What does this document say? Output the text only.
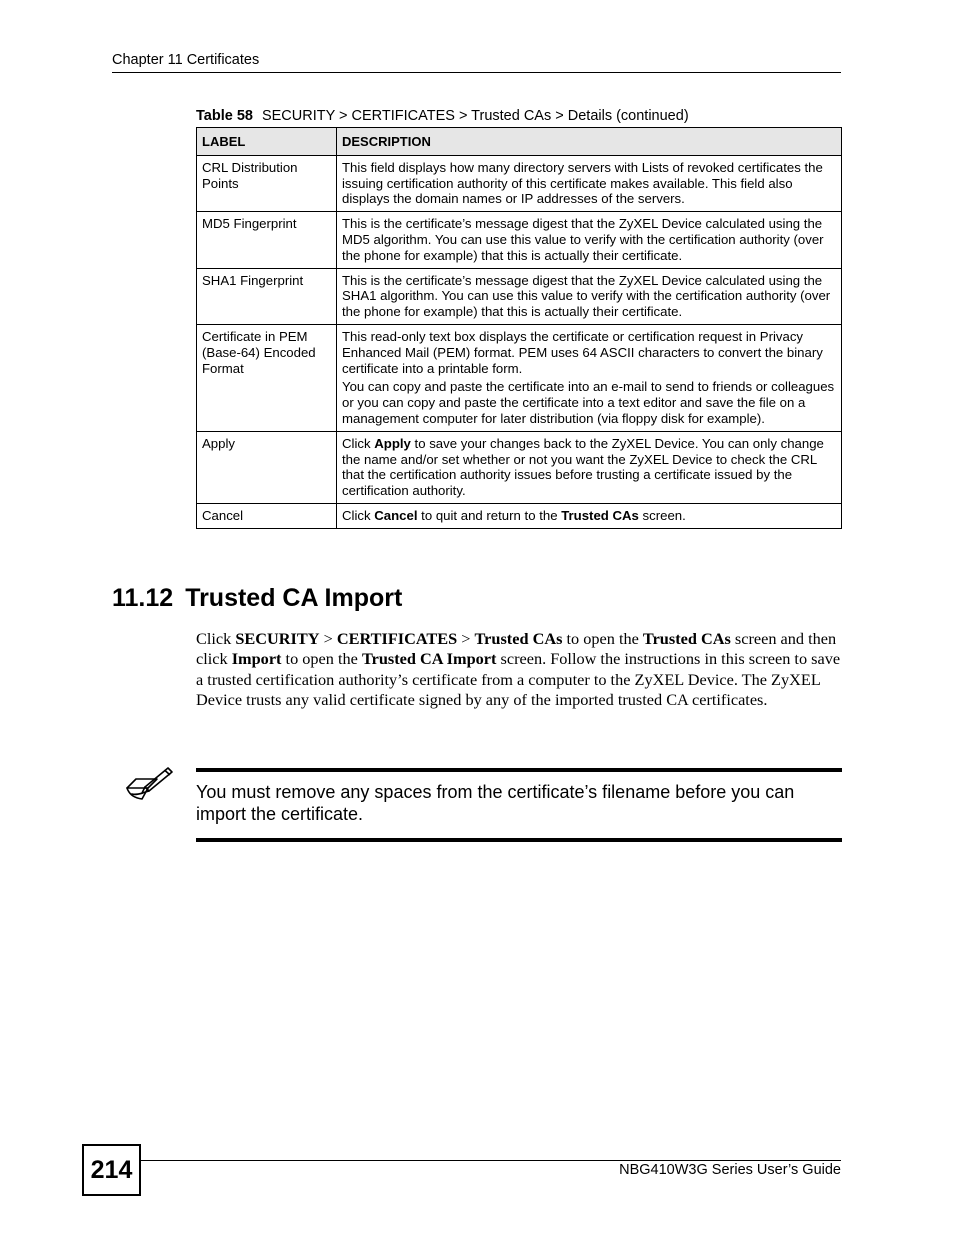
Chapter 11 Certificates
Table 58 SECURITY > CERTIFICATES > Trusted CAs > Details (continued)
LABEL	DESCRIPTION
CRL Distribution Points	This field displays how many directory servers with Lists of revoked certificates the issuing certification authority of this certificate makes available. This field also displays the domain names or IP addresses of the servers.
MD5 Fingerprint	This is the certificate’s message digest that the ZyXEL Device calculated using the MD5 algorithm. You can use this value to verify with the certification authority (over the phone for example) that this is actually their certificate.
SHA1 Fingerprint	This is the certificate’s message digest that the ZyXEL Device calculated using the SHA1 algorithm. You can use this value to verify with the certification authority (over the phone for example) that this is actually their certificate.
Certificate in PEM (Base-64) Encoded Format	This read-only text box displays the certificate or certification request in Privacy Enhanced Mail (PEM) format. PEM uses 64 ASCII characters to convert the binary certificate into a printable form.

You can copy and paste the certificate into an e-mail to send to friends or colleagues or you can copy and paste the certificate into a text editor and save the file on a management computer for later distribution (via floppy disk for example).

Apply	Click Apply to save your changes back to the ZyXEL Device. You can only change the name and/or set whether or not you want the ZyXEL Device to check the CRL that the certification authority issues before trusting a certificate issued by the certification authority.
Cancel	Click Cancel to quit and return to the Trusted CAs screen.
11.12 Trusted CA Import

Click SECURITY > CERTIFICATES > Trusted CAs to open the Trusted CAs screen and then click Import to open the Trusted CA Import screen. Follow the instructions in this screen to save a trusted certification authority’s certificate from a computer to the ZyXEL Device. The ZyXEL Device trusts any valid certificate signed by any of the imported trusted CA certificates.

You must remove any spaces from the certificate’s filename before you can import the certificate.

214	NBG410W3G Series User’s Guide
